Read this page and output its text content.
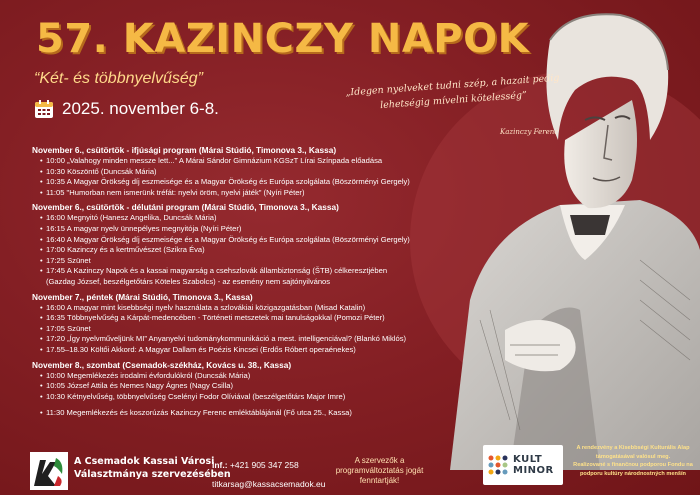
57. KAZINCZY NAPOK
“Két- és többnyelvűség”
2025. november 6-8.
„Idegen nyelveket tudni szép, a hazait pedig lehetségig mívelni kötelesség”
Kazinczy Ferenc

November 6., csütörtök - ifjúsági program (Márai Stúdió, Timonova 3., Kassa)

• 10:00 „Valahogy minden messze lett...” A Márai Sándor Gimnázium KGSzT Lírai Színpada előadása
• 10:30 Köszöntő (Duncsák Mária)
• 10:35 A Magyar Örökség díj eszmeisége és a Magyar Örökség és Európa szolgálata (Böszörményi Gergely)
• 11:05 "Humorban nem ismerünk tréfát: nyelvi öröm, nyelvi játék" (Nyíri Péter)

November 6., csütörtök - délutáni program (Márai Stúdió, Timonova 3., Kassa)

• 16:00 Megnyitó (Hanesz Angelika, Duncsák Mária)
• 16:15 A magyar nyelv ünnepélyes megnyitója (Nyíri Péter)
• 16:40 A Magyar Örökség díj eszmeisége és a Magyar Örökség és Európa szolgálata (Böszörményi Gergely)
• 17:00 Kazinczy és a kertművészet (Szikra Éva)
• 17:25 Szünet
• 17:45 A Kazinczy Napok és a kassai magyarság a csehszlovák állambiztonság (ŠTB) célkeresztjében
(Gazdag József, beszélgetőtárs Köteles Szabolcs) - az esemény nem sajtónyilvános

November 7., péntek (Márai Stúdió, Timonova 3., Kassa)

• 16:00 A magyar mint kisebbségi nyelv használata a szlovákiai közigazgatásban (Misad Katalin)
• 16:35 Többnyelvűség a Kárpát-medencében - Történeti metszetek mai tanulságokkal (Pomozi Péter)
• 17:05 Szünet
• 17:20 „Így nyelvműveljünk MI” Anyanyelvi tudománykommunikáció a mest. intelligenciával? (Blankó Miklós)
• 17.55–18.30 Költői Akkord: A Magyar Dallam és Poézis Kincsei (Erdős Róbert operaénekes)

November 8., szombat (Csemadok-székház, Kovács u. 38., Kassa)

• 10:00 Megemlékezés irodalmi évfordulókról (Duncsák Mária)
• 10:05 József Attila és Nemes Nagy Ágnes (Nagy Csilla)
• 10:30 Kétnyelvűség, többnyelvűség Cselényi Fodor Olíviával (beszélgetőtárs Major Imre)
• 11:30 Megemlékezés és koszorúzás Kazinczy Ferenc emléktáblájánál (Fő utca 25., Kassa)
A Csemadok Kassai Városi
Választmánya szervezésében
Inf.: +421 905 347 258
titkarsag@kassacsemadok.eu
A szervezők a programváltoztatás jogát fenntartják!
KULT
MINOR
A rendezvény a Kisebbségi Kulturális Alap
támogatásával valósul meg.
Realizované s finančnou podporou Fondu na
podporu kultúry národnostných menšín
